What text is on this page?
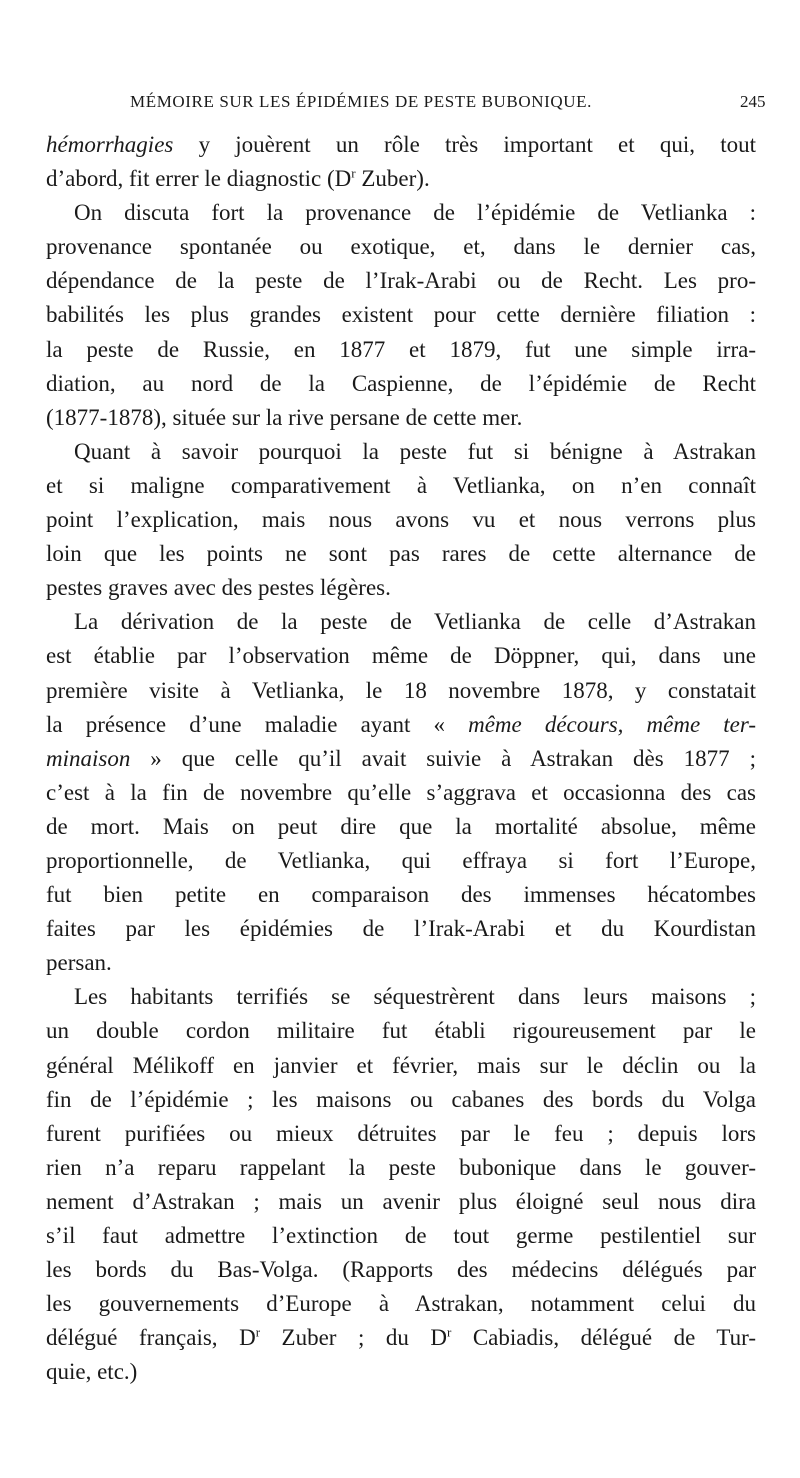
MÉMOIRE SUR LES ÉPIDÉMIES DE PESTE BUBONIQUE.	245
hémorrhagies y jouèrent un rôle très important et qui, tout
d’abord, fit errer le diagnostic ($D^r$ Zuber).
On discuta fort la provenance de l’épidémie de Vetlianka :
provenance spontanée ou exotique, et, dans le dernier cas,
dépendance de la peste de l’Irak-Arabi ou de Recht. Les pro-
babilités les plus grandes existent pour cette dernière filiation :
la peste de Russie, en 1877 et 1879, fut une simple irra-
diation, au nord de la Caspienne, de l’épidémie de Recht
(1877-1878), située sur la rive persane de cette mer.
Quant à savoir pourquoi la peste fut si bénigne à Astrakan
et si maligne comparativement à Vetlianka, on n’en connaît
point l’explication, mais nous avons vu et nous verrons plus
loin que les points ne sont pas rares de cette alternance de
pestes graves avec des pestes légères.
La dérivation de la peste de Vetlianka de celle d’Astrakan
est établie par l’observation même de Döppner, qui, dans une
première visite à Vetlianka, le 18 novembre 1878, y constatait
la présence d’une maladie ayant « même décours, même ter-
minaison » que celle qu’il avait suivie à Astrakan dès 1877 ;
c’est à la fin de novembre qu’elle s’aggrava et occasionna des cas
de mort. Mais on peut dire que la mortalité absolue, même
proportionnelle, de Vetlianka, qui effraya si fort l’Europe,
fut bien petite en comparaison des immenses hécatombes
faites par les épidémies de l’Irak-Arabi et du Kourdistan
persan.
Les habitants terrifiés se séquestrèrent dans leurs maisons ;
un double cordon militaire fut établi rigoureusement par le
général Mélikoff en janvier et février, mais sur le déclin ou la
fin de l’épidémie ; les maisons ou cabanes des bords du Volga
furent purifiées ou mieux détruites par le feu ; depuis lors
rien n’a reparu rappelant la peste bubonique dans le gouver-
nement d’Astrakan ; mais un avenir plus éloigné seul nous dira
s’il faut admettre l’extinction de tout germe pestilentiel sur
les bords du Bas-Volga. (Rapports des médecins délégués par
les gouvernements d’Europe à Astrakan, notamment celui du
délégué français, $D^r$ Zuber ; du $D^r$ Cabiadis, délégué de Tur-
quie, etc.)
